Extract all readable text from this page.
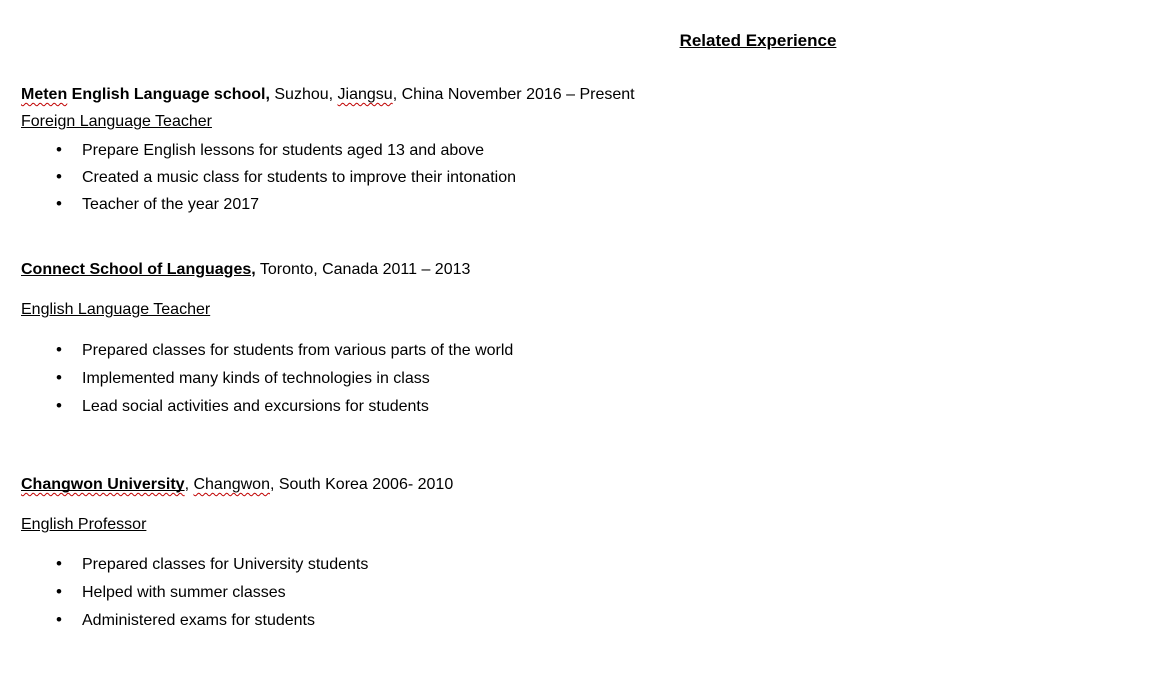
Related Experience

Meten English Language school, Suzhou, Jiangsu, China November 2016 – Present

Foreign Language Teacher

• Prepare English lessons for students aged 13 and above
• Created a music class for students to improve their intonation
• Teacher of the year 2017

Connect School of Languages, Toronto, Canada 2011 – 2013

English Language Teacher

• Prepared classes for students from various parts of the world
• Implemented many kinds of technologies in class
• Lead social activities and excursions for students

Changwon University, Changwon, South Korea 2006- 2010

English Professor

• Prepared classes for University students
• Helped with summer classes
• Administered exams for students
